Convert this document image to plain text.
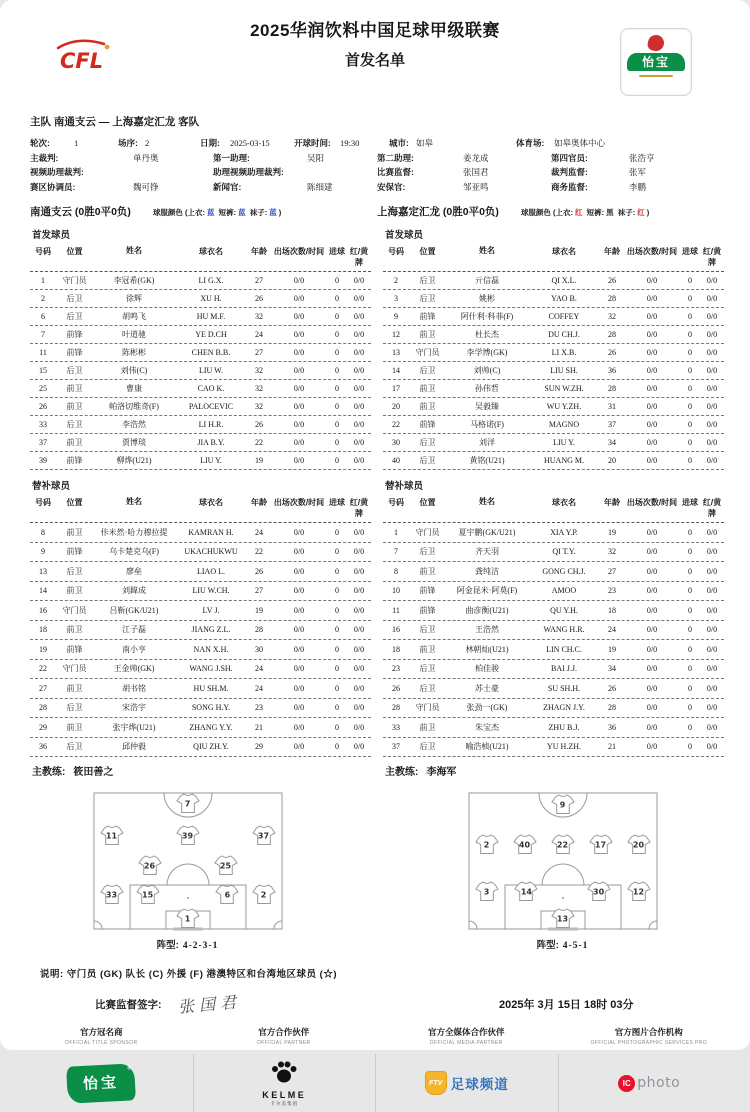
CFL
2025华润饮料中国足球甲级联赛
首发名单	怡宝
主队 南通支云 — 上海嘉定汇龙 客队
轮次:	1	场序: 2	日期:	2025-03-15	开球时间:	19:30	城市: 如皋	体育场:	如皋奥体中心
主裁判:	单丹奥	第一助理:	吴阳	第二助理:	姜龙成	第四官员:	张浩亨
视频助理裁判:	助理视频助理裁判:	比赛监督:	张国君	裁判监督:	张军
赛区协调员:	魏可铮	新闻官:	陈细建	安保官:	邹亚鸣	商务监督:	李鹏
南通支云 (0胜0平0负)	球服颜色 (上衣: 蓝 短裤: 蓝 袜子: 蓝 )	上海嘉定汇龙 (0胜0平0负)	球服颜色 (上衣: 红 短裤: 黑 袜子: 红 )
首发球员
号码	位置	姓名	球衣名	年龄 出场次数/时间 进球 红/黄牌
1	守门员	李冠希(GK)	LI G.X.	27	0/0	0	0/0
2	后卫	徐辉	XU H.	26	0/0	0	0/0
6	后卫	胡鸣飞	HU M.F.	32	0/0	0	0/0
7	前锋	叶道驰	YE D.CH	24	0/0	0	0/0
11	前锋	陈彬彬	CHEN B.B.	27	0/0	0	0/0
15	后卫	刘伟(C)	LIU W.	32	0/0	0	0/0
25	前卫	曹康	CAO K.	32	0/0	0	0/0
26	前卫	帕洛切维奇(F)	PALOCEVIC	32	0/0	0	0/0
33	后卫	李浩然	LI H.R.	26	0/0	0	0/0
37	前卫	贾博琰	JIA B.Y.	22	0/0	0	0/0
39	前锋	柳烨(U21)	LIU Y.	19	0/0	0	0/0
替补球员
号码	位置	姓名	球衣名	年龄 出场次数/时间 进球 红/黄牌
8	前卫	佧米然·哈力穆拉提	KAMRAN H.	24	0/0	0	0/0
9	前锋	乌卡楚克乌(F)	UKACHUKWU	22	0/0	0	0/0
13	后卫	廖垒	LIAO L.	26	0/0	0	0/0
14	前卫	刘鍏成	LIU W.CH.	27	0/0	0	0/0
16	守门员	吕靳(GK/U21)	LV J.	19	0/0	0	0/0
18	前卫	江子磊	JIANG Z.L.	28	0/0	0	0/0
19	前锋	南小亨	NAN X.H.	30	0/0	0	0/0
22	守门员	王金帅(GK)	WANG J.SH.	24	0/0	0	0/0
27	前卫	胡书铭	HU SH.M.	24	0/0	0	0/0
28	后卫	宋浩宇	SONG H.Y.	23	0/0	0	0/0
29	前卫	张宇烨(U21)	ZHANG Y.Y.	21	0/0	0	0/0
36	后卫	邱仲毅	QIU ZH.Y.	29	0/0	0	0/0
主教练: 筱田善之
首发球员
号码	位置	姓名	球衣名	年龄 出场次数/时间 进球 红/黄牌
2	后卫	亓信磊	QI X.L.	26	0/0	0	0/0
3	后卫	姚彬	YAO B.	28	0/0	0	0/0
9	前锋	阿什利·科菲(F)	COFFEY	32	0/0	0	0/0
12	前卫	杜长杰	DU CH.J.	28	0/0	0	0/0
13	守门员	李学博(GK)	LI X.B.	26	0/0	0	0/0
14	后卫	刘帅(C)	LIU SH.	36	0/0	0	0/0
17	前卫	孙伟哲	SUN W.ZH.	28	0/0	0	0/0
20	前卫	吴毅臻	WU Y.ZH.	31	0/0	0	0/0
22	前锋	马格诺(F)	MAGNO	37	0/0	0	0/0
30	后卫	刘洋	LIU Y.	34	0/0	0	0/0
40	后卫	黄铭(U21)	HUANG M.	20	0/0	0	0/0
替补球员
号码	位置	姓名	球衣名	年龄 出场次数/时间 进球 红/黄牌
1	守门员	夏宇鹏(GK/U21)	XIA Y.P.	19	0/0	0	0/0
7	后卫	齐天羽	QI T.Y.	32	0/0	0	0/0
8	前卫	龚纯洁	GONG CH.J.	27	0/0	0	0/0
10	前锋	阿金昆米·阿莫(F)	AMOO	23	0/0	0	0/0
11	前锋	曲彦衡(U21)	QU Y.H.	18	0/0	0	0/0
16	后卫	王浩然	WANG H.R.	24	0/0	0	0/0
18	前卫	林朝灿(U21)	LIN CH.C.	19	0/0	0	0/0
23	后卫	柏佳骏	BAI J.J.	34	0/0	0	0/0
26	后卫	苏士豪	SU SH.H.	26	0/0	0	0/0
28	守门员	张劲一(GK)	ZHAGN J.Y.	28	0/0	0	0/0
33	前卫	朱宝杰	ZHU B.J.	36	0/0	0	0/0
37	后卫	喻浩桢(U21)	YU H.ZH.	21	0/0	0	0/0
主教练: 李海军
7
11	39	37
26	25
33	15	6	2
1
阵型: 4-2-3-1
9
2	40	22	17	20
3	14	30	12
13
阵型: 4-5-1
说明: 守门员 (GK) 队长 (C) 外援 (F) 港澳特区和台湾地区球员 (☆)
比赛监督签字: 张国君	2025年 3月 15日 18时 03分
官方冠名商
OFFICIAL TITLE SPONSOR
怡宝
®
官方合作伙伴
OFFICIAL PARTNER
KELME
卡尔美集团
官方全媒体合作伙伴
OFFICIAL MEDIA PARTNER
FTV 足球频道
官方图片合作机构
OFFICIAL PHOTOGRAPHIC SERVICES PRO
IC photo
